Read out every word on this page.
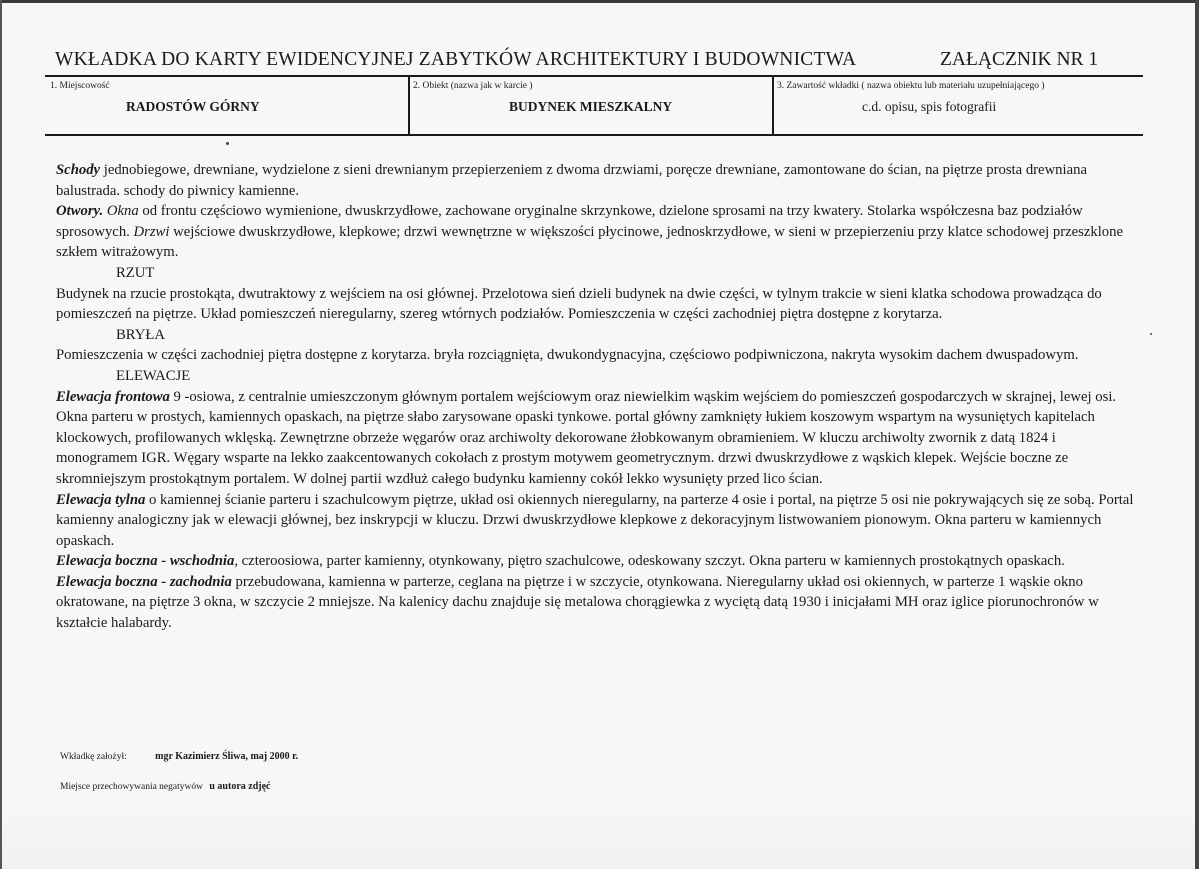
WKŁADKA DO KARTY EWIDENCYJNEJ ZABYTKÓW ARCHITEKTURY I BUDOWNICTWA	ZAŁĄCZNIK NR 1
1. Miejscowość
RADOSTÓW GÓRNY
2. Obiekt (nazwa jak w karcie )
BUDYNEK MIESZKALNY
3. Zawartość wkładki ( nazwa obiektu lub materiału uzupełniającego )
c.d. opisu, spis fotografii

Schody jednobiegowe, drewniane, wydzielone z sieni drewnianym przepierzeniem z dwoma drzwiami, poręcze drewniane, zamontowane do ścian, na piętrze prosta drewniana balustrada. schody do piwnicy kamienne.

Otwory. Okna od frontu częściowo wymienione, dwuskrzydłowe, zachowane oryginalne skrzynkowe, dzielone sprosami na trzy kwatery. Stolarka współczesna baz podziałów sprosowych. Drzwi wejściowe dwuskrzydłowe, klepkowe; drzwi wewnętrzne w większości płycinowe, jednoskrzydłowe, w sieni w przepierzeniu przy klatce schodowej przeszklone szkłem witrażowym.

RZUT

Budynek na rzucie prostokąta, dwutraktowy z wejściem na osi głównej. Przelotowa sień dzieli budynek na dwie części, w tylnym trakcie w sieni klatka schodowa prowadząca do pomieszczeń na piętrze. Układ pomieszczeń nieregularny, szereg wtórnych podziałów. Pomieszczenia w części zachodniej piętra dostępne z korytarza.

BRYŁA

Pomieszczenia w części zachodniej piętra dostępne z korytarza. bryła rozciągnięta, dwukondygnacyjna, częściowo podpiwniczona, nakryta wysokim dachem dwuspadowym.

ELEWACJE

Elewacja frontowa 9 -osiowa, z centralnie umieszczonym głównym portalem wejściowym oraz niewielkim wąskim wejściem do pomieszczeń gospodarczych w skrajnej, lewej osi. Okna parteru w prostych, kamiennych opaskach, na piętrze słabo zarysowane opaski tynkowe. portal główny zamknięty łukiem koszowym wspartym na wysuniętych kapitelach klockowych, profilowanych wklęską. Zewnętrzne obrzeże węgarów oraz archiwolty dekorowane żłobkowanym obramieniem. W kluczu archiwolty zwornik z datą 1824 i monogramem IGR. Węgary wsparte na lekko zaakcentowanych cokołach z prostym motywem geometrycznym. drzwi dwuskrzydłowe z wąskich klepek. Wejście boczne ze skromniejszym prostokątnym portalem. W dolnej partii wzdłuż całego budynku kamienny cokół lekko wysunięty przed lico ścian.

Elewacja tylna o kamiennej ścianie parteru i szachulcowym piętrze, układ osi okiennych nieregularny, na parterze 4 osie i portal, na piętrze 5 osi nie pokrywających się ze sobą. Portal kamienny analogiczny jak w elewacji głównej, bez inskrypcji w kluczu. Drzwi dwuskrzydłowe klepkowe z dekoracyjnym listwowaniem pionowym. Okna parteru w kamiennych opaskach.

Elewacja boczna - wschodnia, czteroosiowa, parter kamienny, otynkowany, piętro szachulcowe, odeskowany szczyt. Okna parteru w kamiennych prostokątnych opaskach.

Elewacja boczna - zachodnia przebudowana, kamienna w parterze, ceglana na piętrze i w szczycie, otynkowana. Nieregularny układ osi okiennych, w parterze 1 wąskie okno okratowane, na piętrze 3 okna, w szczycie 2 mniejsze. Na kalenicy dachu znajduje się metalowa chorągiewka z wyciętą datą 1930 i inicjałami MH oraz iglice piorunochronów w kształcie halabardy.

Wkładkę założył:	mgr Kazimierz Śliwa, maj 2000 r.
Miejsce przechowywania negatywów u autora zdjęć
